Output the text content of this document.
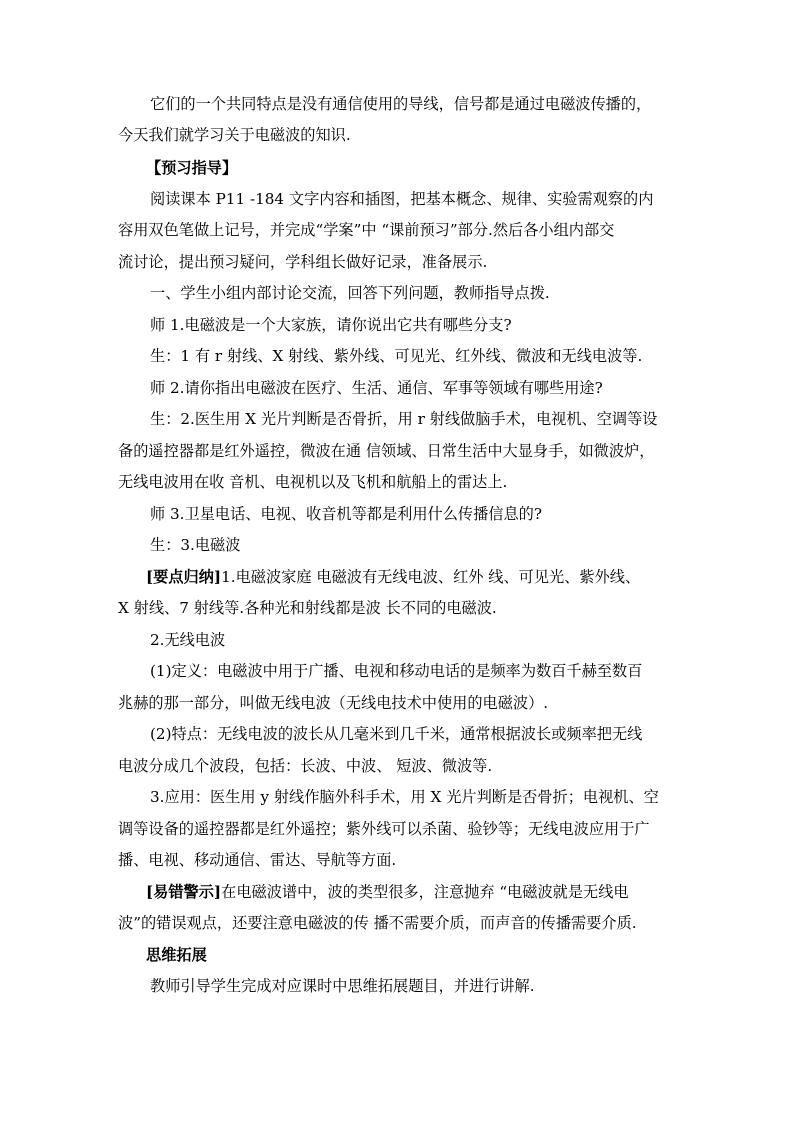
它们的一个共同特点是没有通信使用的导线，信号都是通过电磁波传播的，

今天我们就学习关于电磁波的知识.

【预习指导】

阅读课本 P11 -184 文字内容和插图，把基本概念、规律、实验需观察的内

容用双色笔做上记号，并完成“学案”中 “课前预习”部分.然后各小组内部交

流讨论，提出预习疑问，学科组长做好记录，准备展示.

一、学生小组内部讨论交流，回答下列问题，教师指导点拨.

师 1.电磁波是一个大家族，请你说出它共有哪些分支?

生：1 有 r 射线、X 射线、紫外线、可见光、红外线、微波和无线电波等.

师 2.请你指出电磁波在医疗、生活、通信、军事等领域有哪些用途?

生：2.医生用 X 光片判断是否骨折，用 r 射线做脑手术，电视机、空调等设

备的遥控器都是红外遥控，微波在通 信领域、日常生活中大显身手，如微波炉，

无线电波用在收 音机、电视机以及飞机和航船上的雷达上.

师 3.卫星电话、电视、收音机等都是利用什么传播信息的?

生：3.电磁波

[要点归纳]1.电磁波家庭 电磁波有无线电波、红外 线、可见光、紫外线、

X 射线、7 射线等.各种光和射线都是波 长不同的电磁波.

2.无线电波

(1)定义：电磁波中用于广播、电视和移动电话的是频率为数百千赫至数百

兆赫的那一部分，叫做无线电波（无线电技术中使用的电磁波）.

(2)特点：无线电波的波长从几毫米到几千米，通常根据波长或频率把无线

电波分成几个波段，包括：长波、中波、 短波、微波等.

3.应用：医生用 y 射线作脑外科手术，用 X 光片判断是否骨折；电视机、空

调等设备的遥控器都是红外遥控；紫外线可以杀菌、验钞等；无线电波应用于广

播、电视、移动通信、雷达、导航等方面.

[易错警示]在电磁波谱中，波的类型很多，注意抛弃 “电磁波就是无线电

波”的错误观点，还要注意电磁波的传 播不需要介质，而声音的传播需要介质.

思维拓展

教师引导学生完成对应课时中思维拓展题目，并进行讲解.
